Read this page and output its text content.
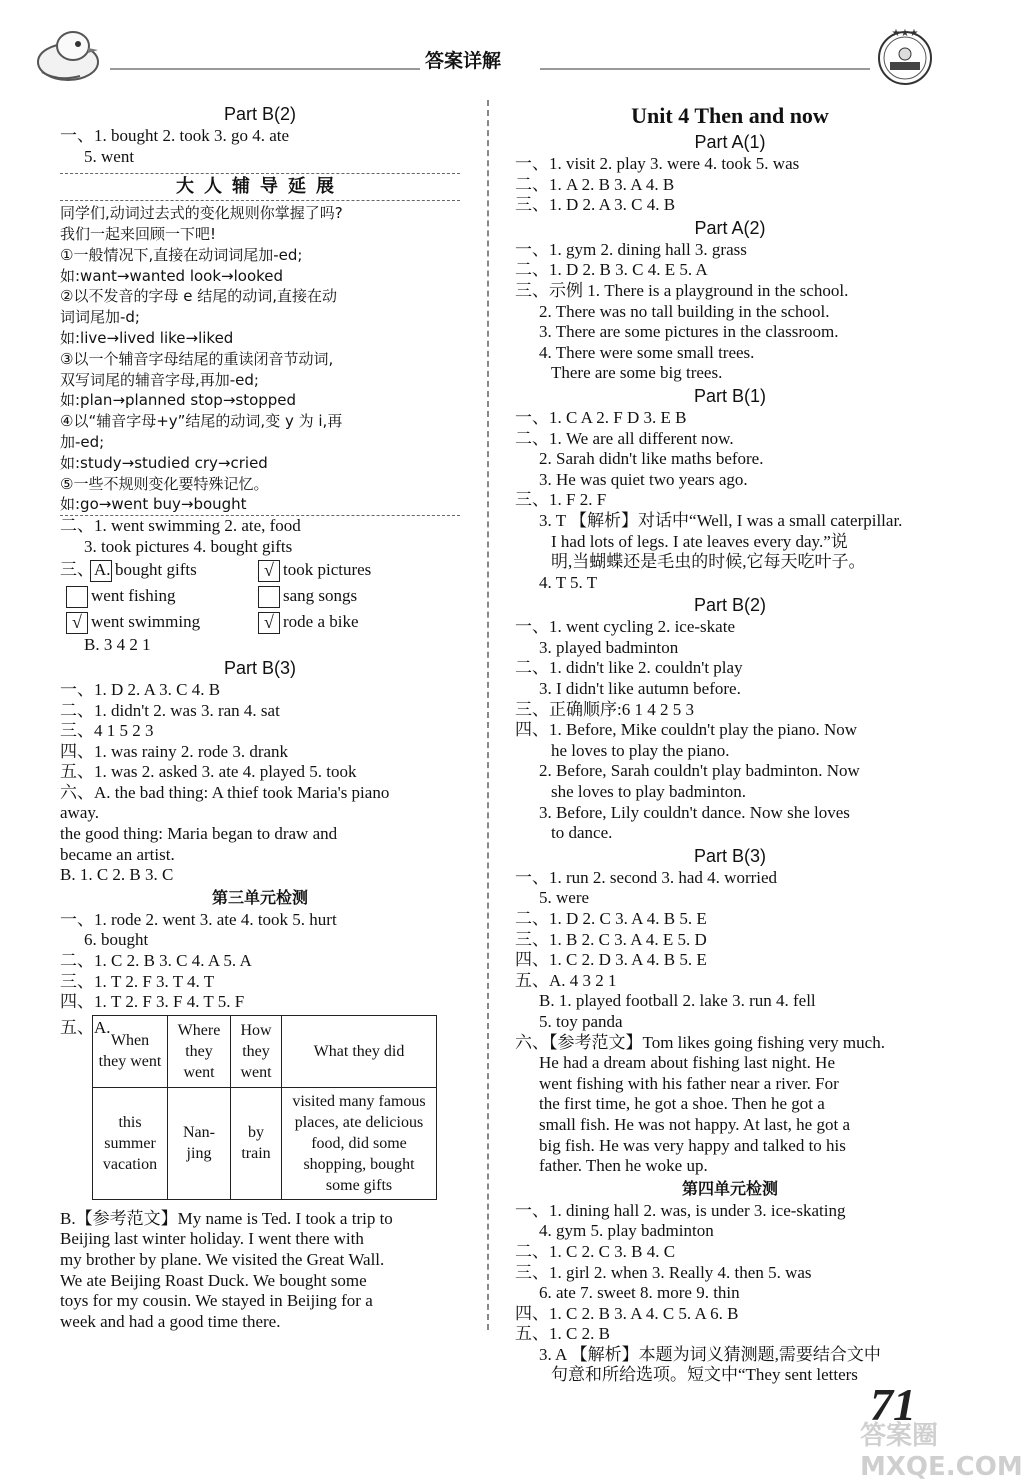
答案详解
★★★
Part B(2)
一、1. bought 2. took 3. go 4. ate
5. went
大人辅导延展
同学们,动词过去式的变化规则你掌握了吗?
我们一起来回顾一下吧!
①一般情况下,直接在动词词尾加-ed;
如:want→wanted look→looked
②以不发音的字母 e 结尾的动词,直接在动
词词尾加-d;
如:live→lived like→liked
③以一个辅音字母结尾的重读闭音节动词,
双写词尾的辅音字母,再加-ed;
如:plan→planned stop→stopped
④以“辅音字母+y”结尾的动词,变 y 为 i,再
加-ed;
如:study→studied cry→cried
⑤一些不规则变化要特殊记忆。
如:go→went buy→bought
二、1. went swimming 2. ate, food
3. took pictures 4. bought gifts
三、A. bought gifts	√ took pictures
went fishing	sang songs
√ went swimming	√ rode a bike
B. 3 4 2 1
Part B(3)
一、1. D 2. A 3. C 4. B
二、1. didn't 2. was 3. ran 4. sat
三、4 1 5 2 3
四、1. was rainy 2. rode 3. drank
五、1. was 2. asked 3. ate 4. played 5. took
六、A. the bad thing: A thief took Maria's piano
away.
the good thing: Maria began to draw and
became an artist.
B. 1. C 2. B 3. C
第三单元检测
一、1. rode 2. went 3. ate 4. took 5. hurt
6. bought
二、1. C 2. B 3. C 4. A 5. A
三、1. T 2. F 3. T 4. T
四、1. T 2. F 3. F 4. T 5. F
五、A.
When they went	Where they went	How they went	What they did
this summer vacation	Nan-jing	by train	visited many famous places, ate delicious food, did some shopping, bought some gifts
B.【参考范文】My name is Ted. I took a trip to
Beijing last winter holiday. I went there with
my brother by plane. We visited the Great Wall.
We ate Beijing Roast Duck. We bought some
toys for my cousin. We stayed in Beijing for a
week and had a good time there.
Unit 4 Then and now
Part A(1)
一、1. visit 2. play 3. were 4. took 5. was
二、1. A 2. B 3. A 4. B
三、1. D 2. A 3. C 4. B
Part A(2)
一、1. gym 2. dining hall 3. grass
二、1. D 2. B 3. C 4. E 5. A
三、示例 1. There is a playground in the school.
2. There was no tall building in the school.
3. There are some pictures in the classroom.
4. There were some small trees.
There are some big trees.
Part B(1)
一、1. C A 2. F D 3. E B
二、1. We are all different now.
2. Sarah didn't like maths before.
3. He was quiet two years ago.
三、1. F 2. F
3. T 【解析】对话中“Well, I was a small caterpillar.
I had lots of legs. I ate leaves every day.”说
明,当蝴蝶还是毛虫的时候,它每天吃叶子。
4. T 5. T
Part B(2)
一、1. went cycling 2. ice-skate
3. played badminton
二、1. didn't like 2. couldn't play
3. I didn't like autumn before.
三、正确顺序:6 1 4 2 5 3
四、1. Before, Mike couldn't play the piano. Now
he loves to play the piano.
2. Before, Sarah couldn't play badminton. Now
she loves to play badminton.
3. Before, Lily couldn't dance. Now she loves
to dance.
Part B(3)
一、1. run 2. second 3. had 4. worried
5. were
二、1. D 2. C 3. A 4. B 5. E
三、1. B 2. C 3. A 4. E 5. D
四、1. C 2. D 3. A 4. B 5. E
五、A. 4 3 2 1
B. 1. played football 2. lake 3. run 4. fell
5. toy panda
六、【参考范文】Tom likes going fishing very much.
He had a dream about fishing last night. He
went fishing with his father near a river. For
the first time, he got a shoe. Then he got a
small fish. He was not happy. At last, he got a
big fish. He was very happy and talked to his
father. Then he woke up.
第四单元检测
一、1. dining hall 2. was, is under 3. ice-skating
4. gym 5. play badminton
二、1. C 2. C 3. B 4. C
三、1. girl 2. when 3. Really 4. then 5. was
6. ate 7. sweet 8. more 9. thin
四、1. C 2. B 3. A 4. C 5. A 6. B
五、1. C 2. B
3. A 【解析】本题为词义猜测题,需要结合文中
句意和所给选项。短文中“They sent letters
71
答案圈 MXQE.COM
